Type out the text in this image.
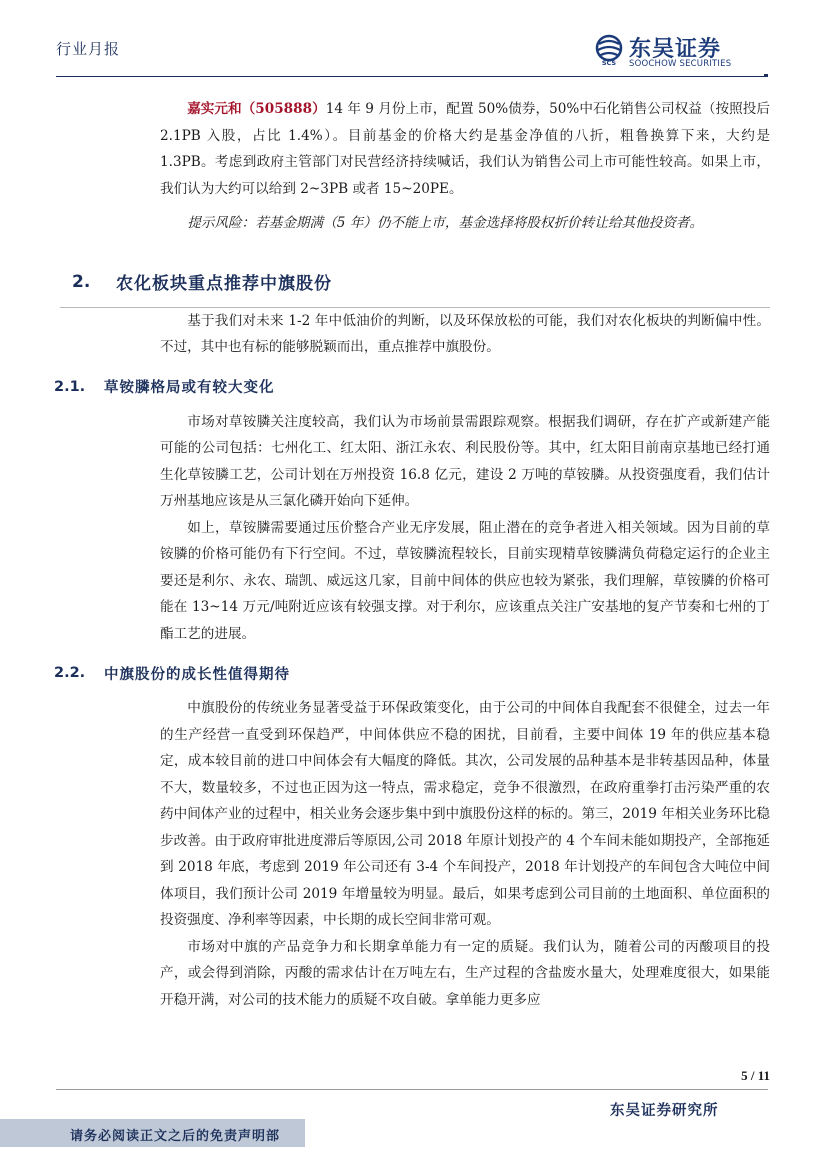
行业月报
SCS
东吴证券
SOOCHOW SECURITIES

嘉实元和（505888）14 年 9 月份上市，配置 50%债券，50%中石化销售公司权益（按照投后 2.1PB 入股，占比 1.4%）。目前基金的价格大约是基金净值的八折，粗鲁换算下来，大约是 1.3PB。考虑到政府主管部门对民营经济持续喊话，我们认为销售公司上市可能性较高。如果上市，我们认为大约可以给到 2~3PB 或者 15~20PE。

提示风险：若基金期满（5 年）仍不能上市，基金选择将股权折价转让给其他投资者。

2.	农化板块重点推荐中旗股份

基于我们对未来 1-2 年中低油价的判断，以及环保放松的可能，我们对农化板块的判断偏中性。不过，其中也有标的能够脱颖而出，重点推荐中旗股份。

2.1.	草铵膦格局或有较大变化

市场对草铵膦关注度较高，我们认为市场前景需跟踪观察。根据我们调研，存在扩产或新建产能可能的公司包括：七州化工、红太阳、浙江永农、利民股份等。其中，红太阳目前南京基地已经打通生化草铵膦工艺，公司计划在万州投资 16.8 亿元，建设 2 万吨的草铵膦。从投资强度看，我们估计万州基地应该是从三氯化磷开始向下延伸。

如上，草铵膦需要通过压价整合产业无序发展，阻止潜在的竞争者进入相关领域。因为目前的草铵膦的价格可能仍有下行空间。不过，草铵膦流程较长，目前实现精草铵膦满负荷稳定运行的企业主要还是利尔、永农、瑞凯、威远这几家，目前中间体的供应也较为紧张，我们理解，草铵膦的价格可能在 13~14 万元/吨附近应该有较强支撑。对于利尔，应该重点关注广安基地的复产节奏和七州的丁酯工艺的进展。

2.2.	中旗股份的成长性值得期待

中旗股份的传统业务显著受益于环保政策变化，由于公司的中间体自我配套不很健全，过去一年的生产经营一直受到环保趋严，中间体供应不稳的困扰，目前看，主要中间体 19 年的供应基本稳定，成本较目前的进口中间体会有大幅度的降低。其次，公司发展的品种基本是非转基因品种，体量不大，数量较多，不过也正因为这一特点，需求稳定，竞争不很激烈，在政府重拳打击污染严重的农药中间体产业的过程中，相关业务会逐步集中到中旗股份这样的标的。第三，2019 年相关业务环比稳步改善。由于政府审批进度滞后等原因,公司 2018 年原计划投产的 4 个车间未能如期投产，全部拖延到 2018 年底，考虑到 2019 年公司还有 3-4 个车间投产，2018 年计划投产的车间包含大吨位中间体项目，我们预计公司 2019 年增量较为明显。最后，如果考虑到公司目前的土地面积、单位面积的投资强度、净利率等因素，中长期的成长空间非常可观。

市场对中旗的产品竞争力和长期拿单能力有一定的质疑。我们认为，随着公司的丙酸项目的投产，或会得到消除，丙酸的需求估计在万吨左右，生产过程的含盐废水量大，处理难度很大，如果能开稳开满，对公司的技术能力的质疑不攻自破。拿单能力更多应

5 / 11
东吴证券研究所
请务必阅读正文之后的免责声明部
